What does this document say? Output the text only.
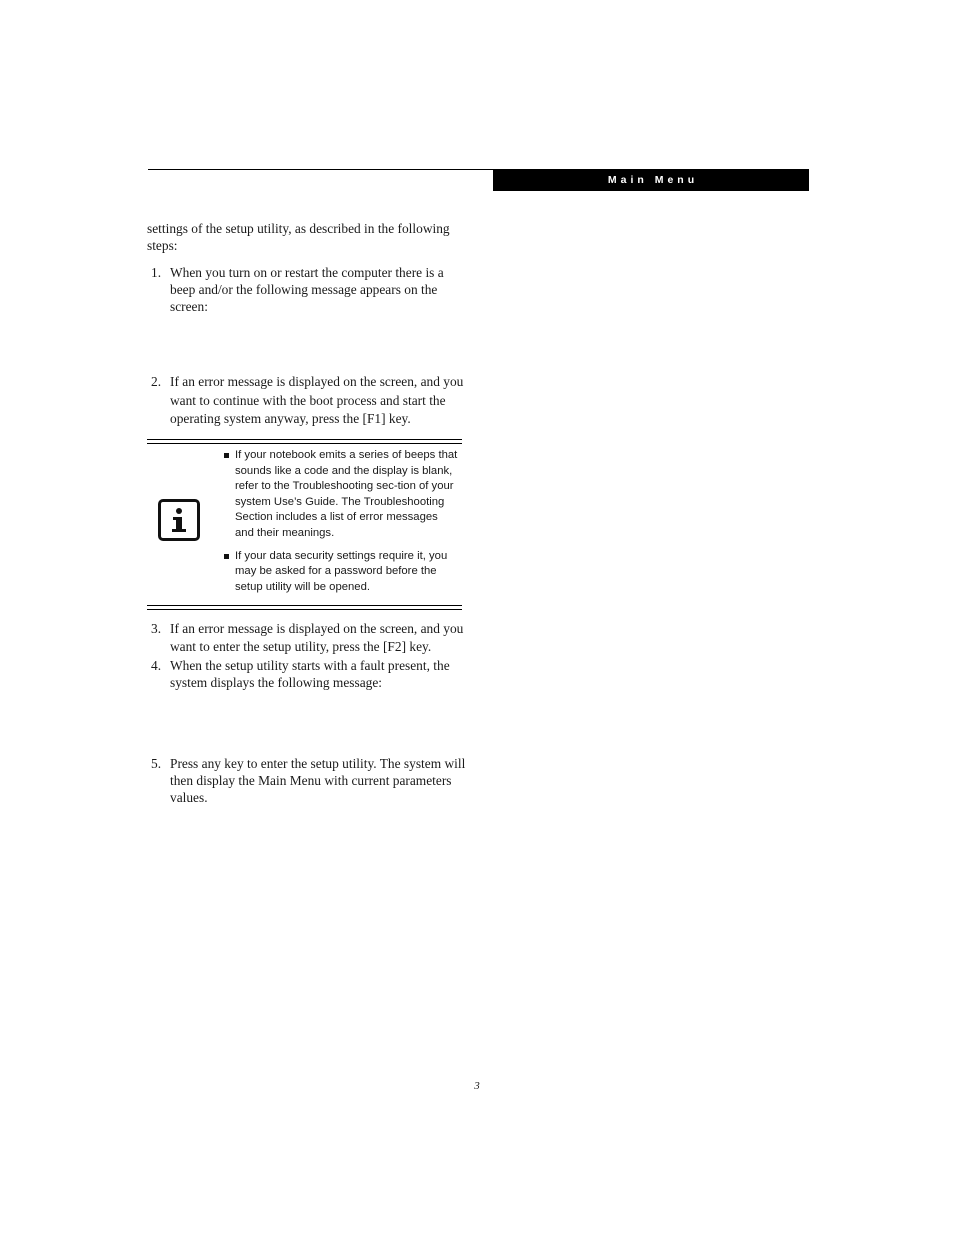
Main Menu
settings of the setup utility, as described in the following steps:
1. When you turn on or restart the computer there is a beep and/or the following message appears on the screen:
2. If an error message is displayed on the screen, and you want to continue with the boot process and start the operating system anyway, press the [F1] key.
If your notebook emits a series of beeps that sounds like a code and the display is blank, refer to the Troubleshooting sec-tion of your system Use’s Guide. The Troubleshooting Section includes a list of error messages and their meanings.
If your data security settings require it, you may be asked for a password before the setup utility will be opened.
3. If an error message is displayed on the screen, and you want to enter the setup utility, press the [F2] key.
4. When the setup utility starts with a fault present, the system displays the following message:
5. Press any key to enter the setup utility. The system will then display the Main Menu with current parameters values.
3
